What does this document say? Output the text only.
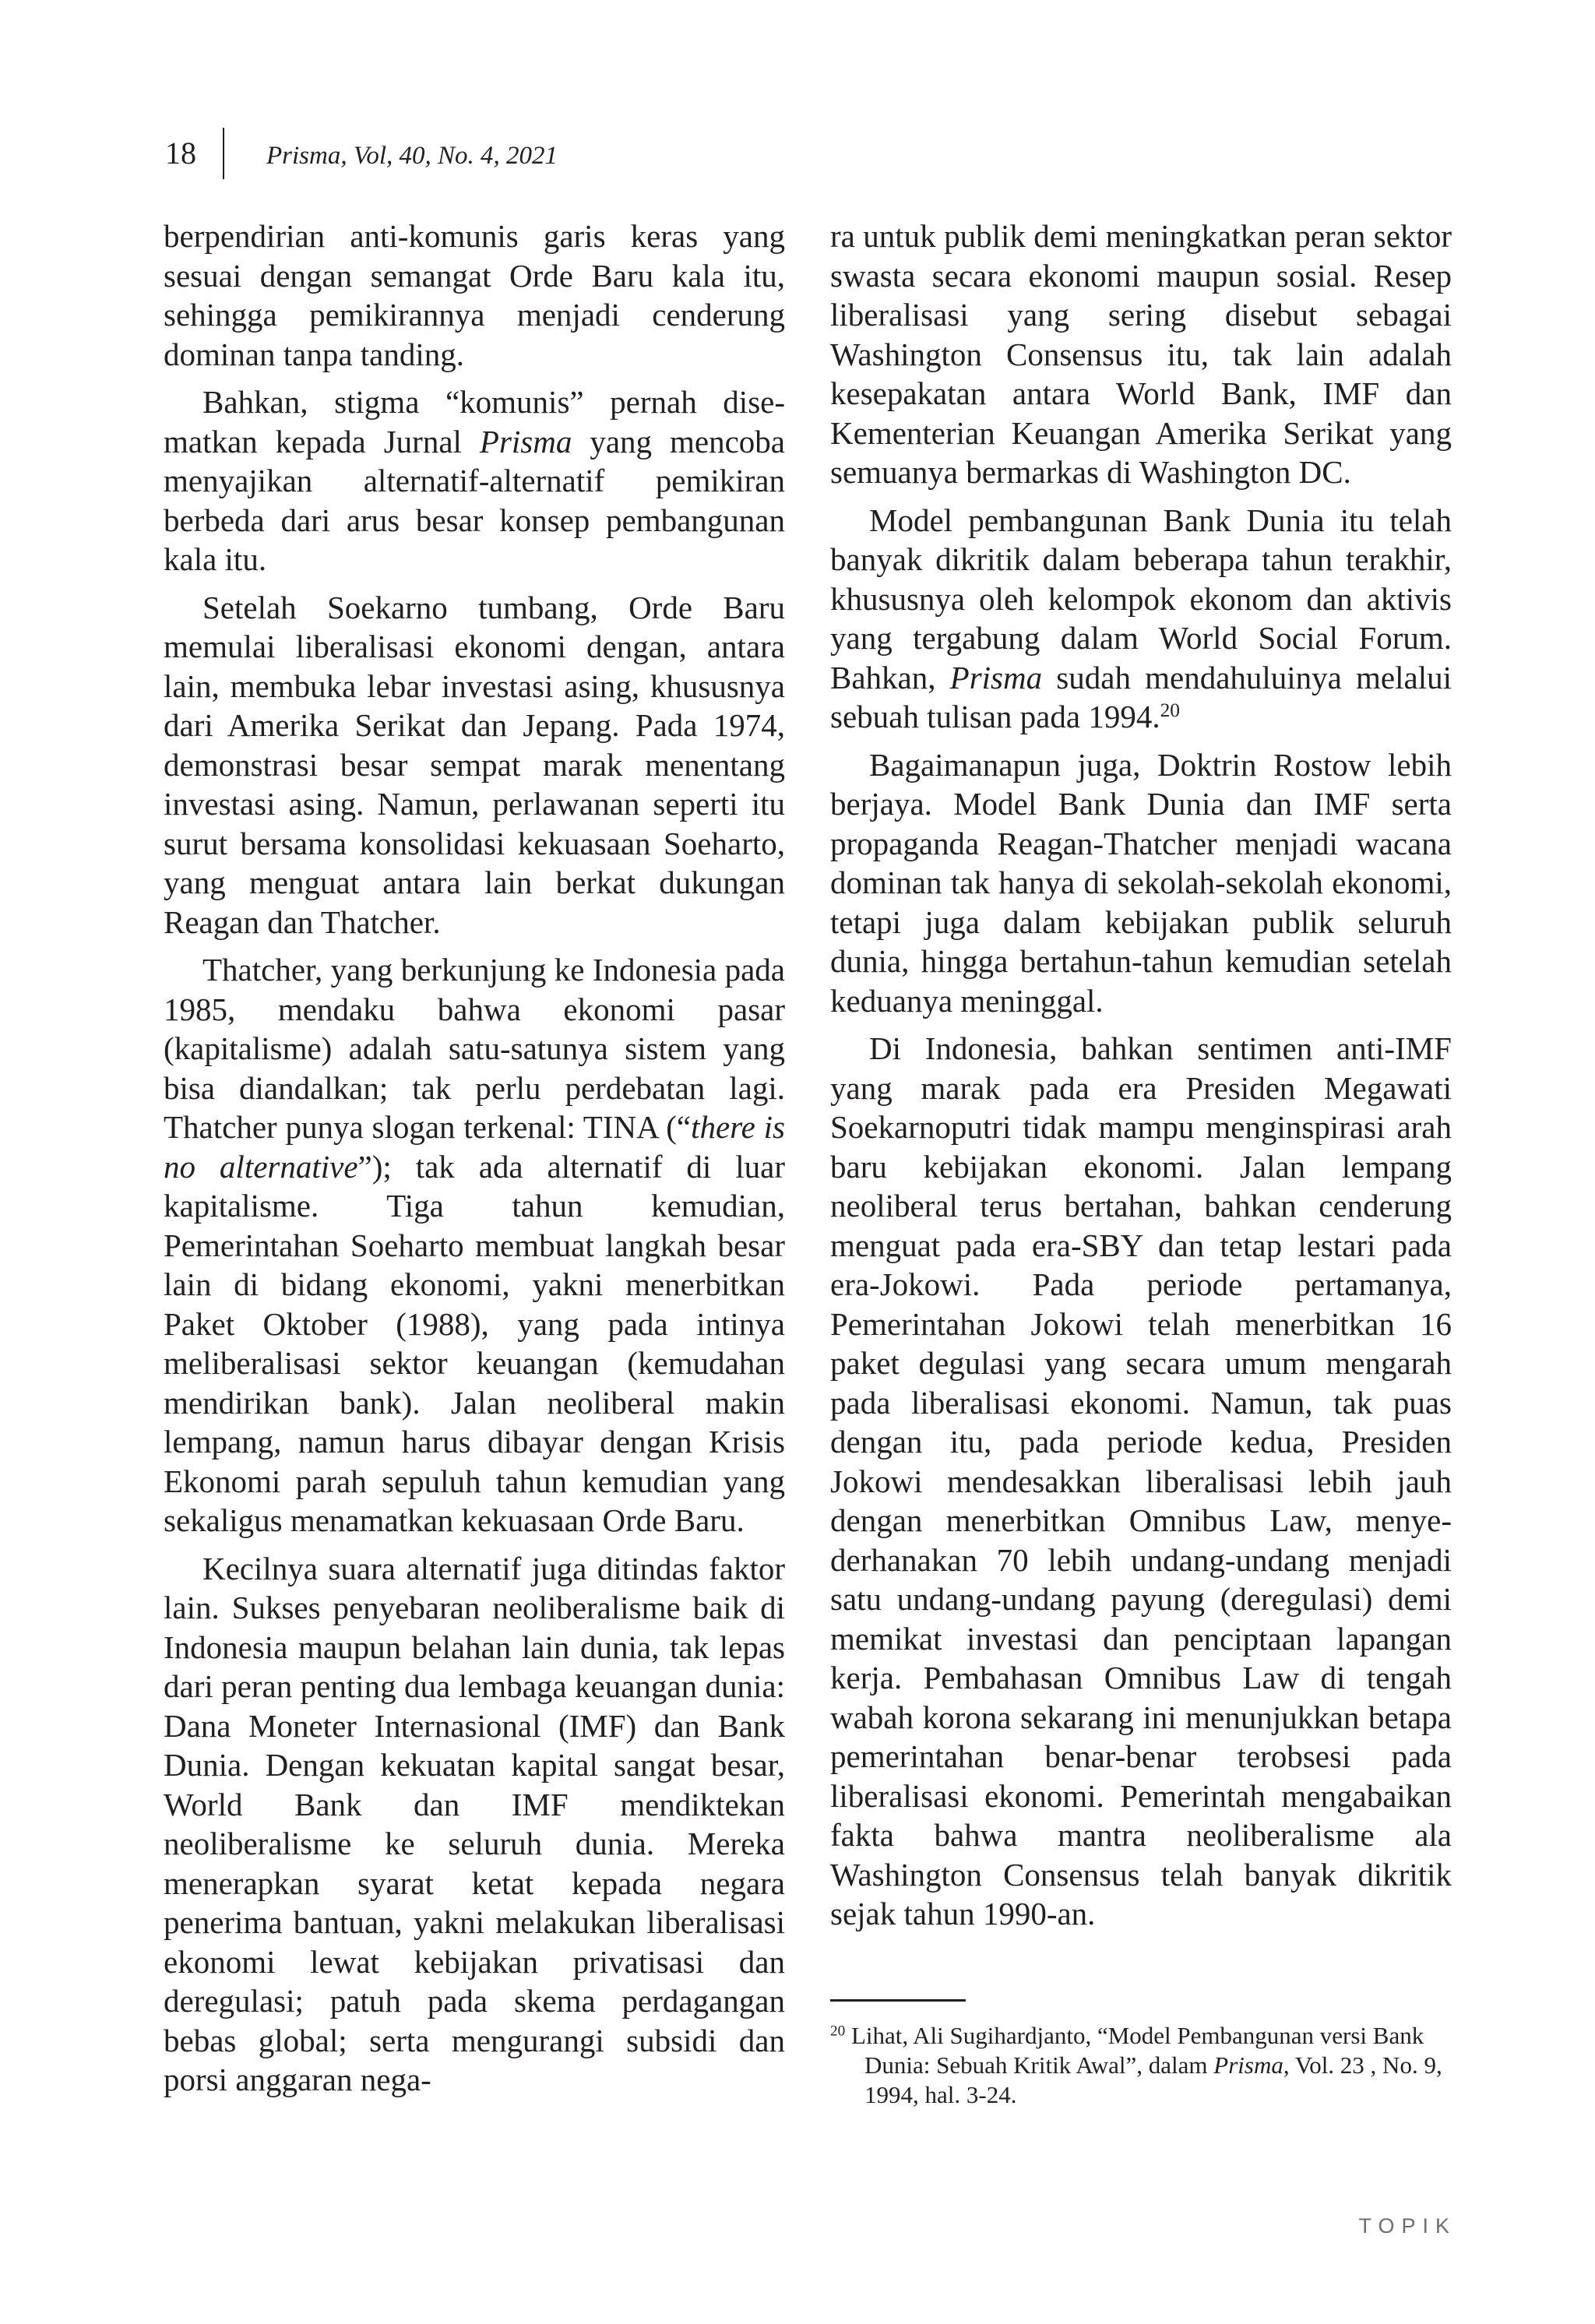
18	Prisma, Vol, 40, No. 4, 2021

berpendirian anti-komunis garis keras yang sesuai dengan semangat Orde Baru kala itu, sehingga pemikirannya menjadi cenderung dominan tanpa tanding.

Bahkan, stigma “komunis” pernah disematkan kepada Jurnal Prisma yang mencoba menyajikan alternatif-alternatif pemikiran berbeda dari arus besar konsep pembangunan kala itu.

Setelah Soekarno tumbang, Orde Baru memulai liberalisasi ekonomi dengan, antara lain, membuka lebar investasi asing, khususnya dari Amerika Serikat dan Jepang. Pada 1974, demonstrasi besar sempat marak menentang investasi asing. Namun, perlawanan seperti itu surut bersama konsolidasi kekuasaan Soeharto, yang menguat antara lain berkat dukungan Reagan dan Thatcher.

Thatcher, yang berkunjung ke Indonesia pada 1985, mendaku bahwa ekonomi pasar (kapitalisme) adalah satu-satunya sistem yang bisa diandalkan; tak perlu perdebatan lagi. Thatcher punya slogan terkenal: TINA (“there is no alternative”); tak ada alternatif di luar kapitalisme. Tiga tahun kemudian, Pemerintahan Soeharto membuat langkah besar lain di bidang ekonomi, yakni menerbitkan Paket Oktober (1988), yang pada intinya meliberalisasi sektor keuangan (kemudahan mendirikan bank). Jalan neoliberal makin lempang, namun harus dibayar dengan Krisis Ekonomi parah sepuluh tahun kemudian yang sekaligus menamatkan kekuasaan Orde Baru.

Kecilnya suara alternatif juga ditindas faktor lain. Sukses penyebaran neoliberalisme baik di Indonesia maupun belahan lain dunia, tak lepas dari peran penting dua lembaga keuangan dunia: Dana Moneter Internasional (IMF) dan Bank Dunia. Dengan kekuatan kapital sangat besar, World Bank dan IMF mendiktekan neoliberalisme ke seluruh dunia. Mereka menerapkan syarat ketat kepada negara penerima bantuan, yakni melakukan liberalisasi ekonomi lewat kebijakan privatisasi dan deregulasi; patuh pada skema perdagangan bebas global; serta mengurangi subsidi dan porsi anggaran nega-

ra untuk publik demi meningkatkan peran sektor swasta secara ekonomi maupun sosial. Resep liberalisasi yang sering disebut sebagai Washington Consensus itu, tak lain adalah kesepakatan antara World Bank, IMF dan Kementerian Keuangan Amerika Serikat yang semuanya bermarkas di Washington DC.

Model pembangunan Bank Dunia itu telah banyak dikritik dalam beberapa tahun terakhir, khususnya oleh kelompok ekonom dan aktivis yang tergabung dalam World Social Forum. Bahkan, Prisma sudah mendahuluinya melalui sebuah tulisan pada 1994.20

Bagaimanapun juga, Doktrin Rostow lebih berjaya. Model Bank Dunia dan IMF serta propaganda Reagan-Thatcher menjadi wacana dominan tak hanya di sekolah-sekolah ekonomi, tetapi juga dalam kebijakan publik seluruh dunia, hingga bertahun-tahun kemudian setelah keduanya meninggal.

Di Indonesia, bahkan sentimen anti-IMF yang marak pada era Presiden Megawati Soekarnoputri tidak mampu menginspirasi arah baru kebijakan ekonomi. Jalan lempang neoliberal terus bertahan, bahkan cenderung menguat pada era-SBY dan tetap lestari pada era-Jokowi. Pada periode pertamanya, Pemerintahan Jokowi telah menerbitkan 16 paket degulasi yang secara umum mengarah pada liberalisasi ekonomi. Namun, tak puas dengan itu, pada periode kedua, Presiden Jokowi mendesakkan liberalisasi lebih jauh dengan menerbitkan Omnibus Law, menyederhanakan 70 lebih undang-undang menjadi satu undang-undang payung (deregulasi) demi memikat investasi dan penciptaan lapangan kerja. Pembahasan Omnibus Law di tengah wabah korona sekarang ini menunjukkan betapa pemerintahan benar-benar terobsesi pada liberalisasi ekonomi. Pemerintah mengabaikan fakta bahwa mantra neoliberalisme ala Washington Consensus telah banyak dikritik sejak tahun 1990-an.

$^{20}$ Lihat, Ali Sugihardjanto, “Model Pembangunan versi Bank Dunia: Sebuah Kritik Awal”, dalam Prisma, Vol. 23 , No. 9, 1994, hal. 3-24.
TOPIK
